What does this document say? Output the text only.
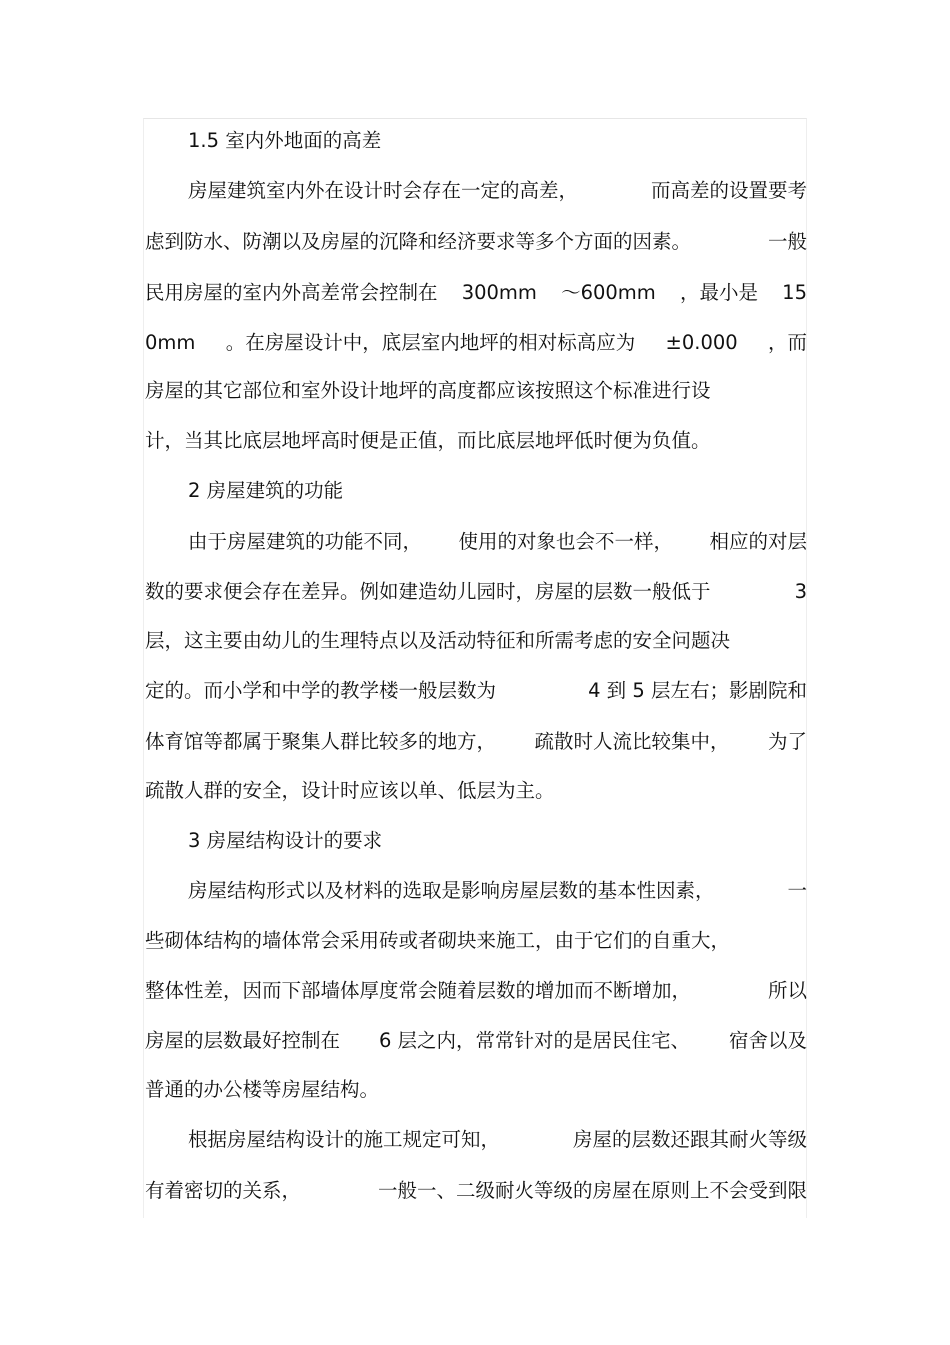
1.5 室内外地面的高差
房屋建筑室内外在设计时会存在一定的高差，	而高差的设置要考
虑到防水、防潮以及房屋的沉降和经济要求等多个方面的因素。	一般
民用房屋的室内外高差常会控制在 300mm ～600mm ，最小是 15
0mm 。在房屋设计中，底层室内地坪的相对标高应为 ±0.000 ，而
房屋的其它部位和室外设计地坪的高度都应该按照这个标准进行设
计，当其比底层地坪高时便是正值，而比底层地坪低时便为负值。
2 房屋建筑的功能
由于房屋建筑的功能不同， 使用的对象也会不一样， 相应的对层
数的要求便会存在差异。例如建造幼儿园时，房屋的层数一般低于	3
层，这主要由幼儿的生理特点以及活动特征和所需考虑的安全问题决
定的。而小学和中学的教学楼一般层数为	4 到 5 层左右；影剧院和
体育馆等都属于聚集人群比较多的地方， 疏散时人流比较集中， 为了
疏散人群的安全，设计时应该以单、低层为主。
3 房屋结构设计的要求
房屋结构形式以及材料的选取是影响房屋层数的基本性因素，	一
些砌体结构的墙体常会采用砖或者砌块来施工，由于它们的自重大，
整体性差，因而下部墙体厚度常会随着层数的增加而不断增加，	所以
房屋的层数最好控制在 6 层之内，常常针对的是居民住宅、 宿舍以及
普通的办公楼等房屋结构。
根据房屋结构设计的施工规定可知，	房屋的层数还跟其耐火等级
有着密切的关系，	一般一、二级耐火等级的房屋在原则上不会受到限
